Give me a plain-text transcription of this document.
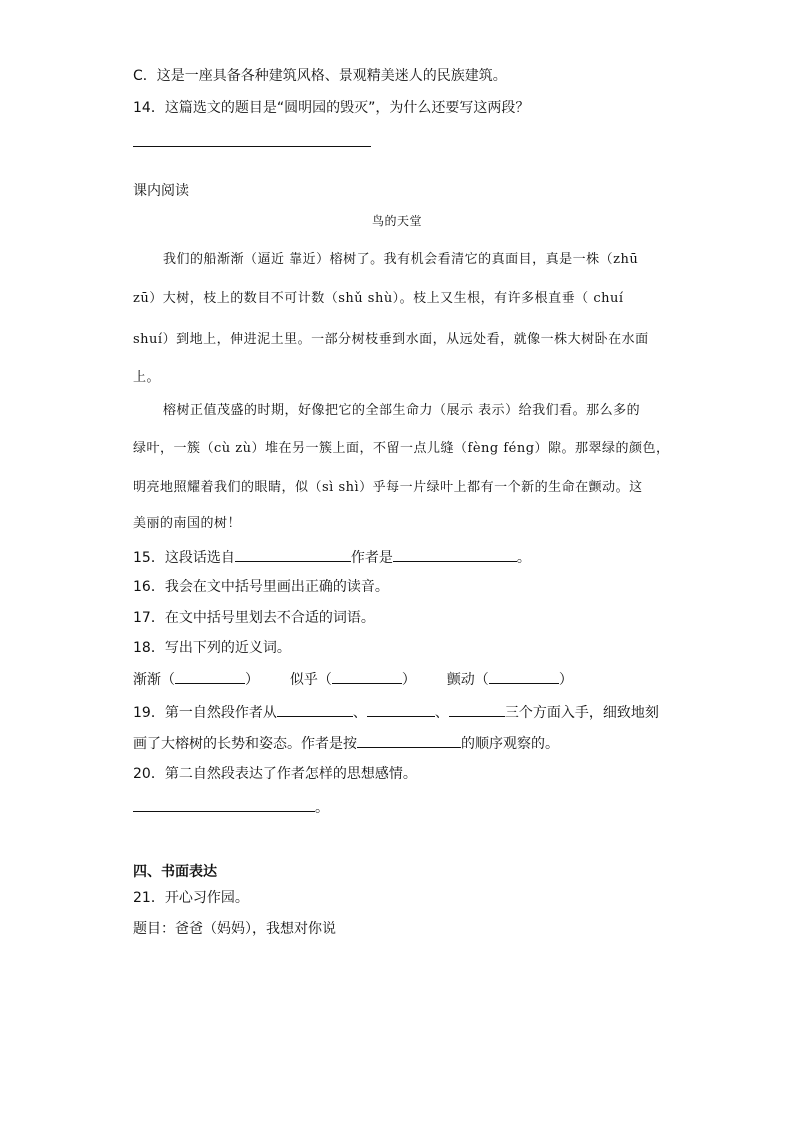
C．这是一座具备各种建筑风格、景观精美迷人的民族建筑。
14．这篇选文的题目是“圆明园的毁灭”，为什么还要写这两段？
课内阅读
鸟的天堂
我们的船渐渐（逼近 靠近）榕树了。我有机会看清它的真面目，真是一株（zhū
zū）大树，枝上的数目不可计数（shǔ shù）。枝上又生根，有许多根直垂（ chuí
shuí）到地上，伸进泥土里。一部分树枝垂到水面，从远处看，就像一株大树卧在水面
上。
榕树正值茂盛的时期，好像把它的全部生命力（展示 表示）给我们看。那么多的
绿叶，一簇（cù zù）堆在另一簇上面，不留一点儿缝（fèng féng）隙。那翠绿的颜色，
明亮地照耀着我们的眼睛，似（sì shì）乎每一片绿叶上都有一个新的生命在颤动。这
美丽的南国的树！
15．这段话选自	作者是	。
16．我会在文中括号里画出正确的读音。
17．在文中括号里划去不合适的词语。
18．写出下列的近义词。
渐渐（	） 似乎（	） 颤动（	）
19．第一自然段作者从	、	、	三个方面入手，细致地刻
画了大榕树的长势和姿态。作者是按	的顺序观察的。
20．第二自然段表达了作者怎样的思想感情。
。
四、书面表达
21．开心习作园。
题目：爸爸（妈妈），我想对你说
